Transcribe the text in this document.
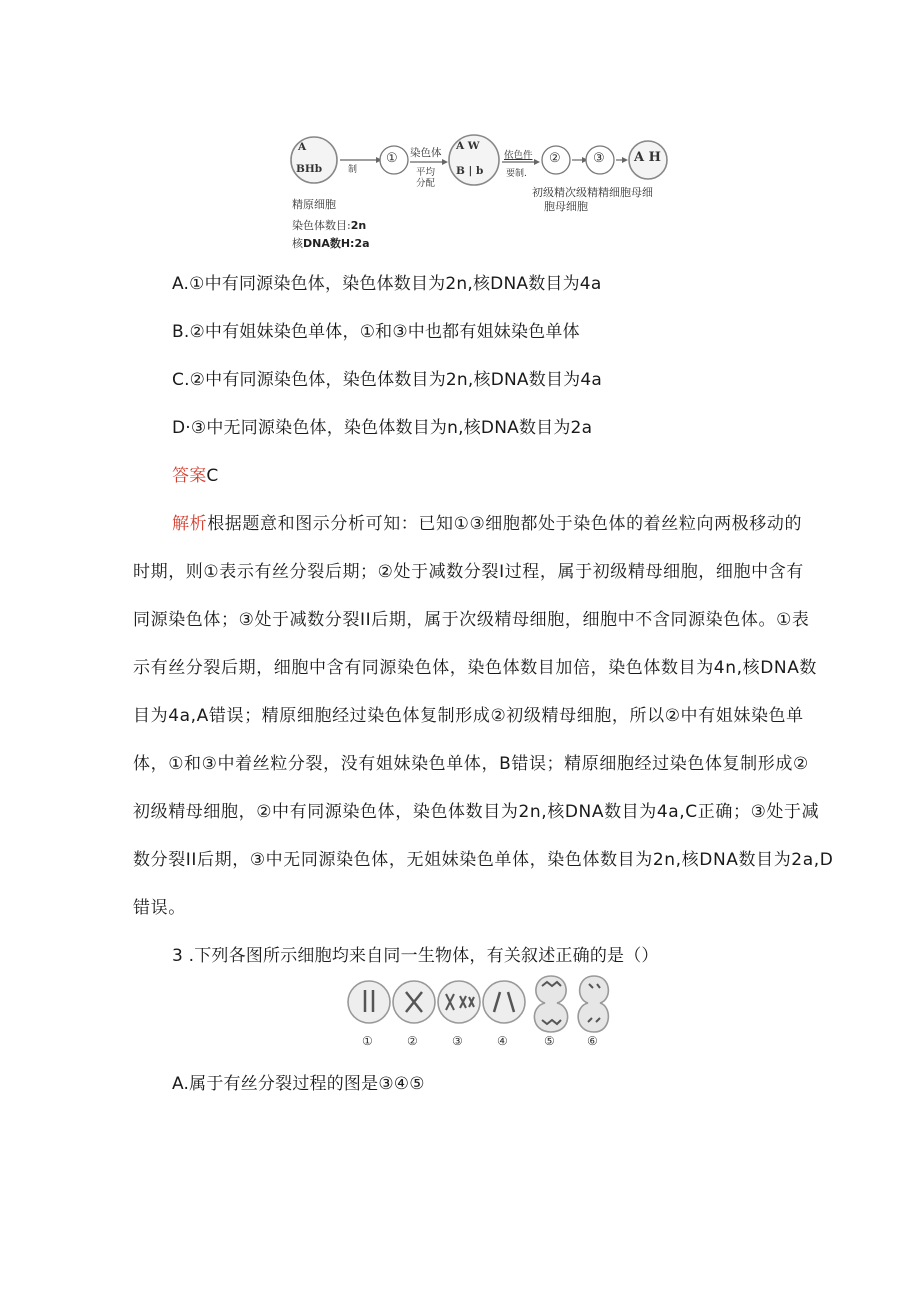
A
BHb	制
① 染色体
平均
分配
A W
B | b
依色件
要制.
② ③ A H
精原细胞
染色体数目:2n
核DNA数H:2a
初级精次级精精细胞母细
胞母细胞
A.①中有同源染色体，染色体数目为2n,核DNA数目为4a
B.②中有姐妹染色单体，①和③中也都有姐妹染色单体
C.②中有同源染色体，染色体数目为2n,核DNA数目为4a
D·③中无同源染色体，染色体数目为n,核DNA数目为2a
答案C
解析根据题意和图示分析可知：已知①③细胞都处于染色体的着丝粒向两极移动的
时期，则①表示有丝分裂后期；②处于减数分裂I过程，属于初级精母细胞，细胞中含有
同源染色体；③处于减数分裂II后期，属于次级精母细胞，细胞中不含同源染色体。①表
示有丝分裂后期，细胞中含有同源染色体，染色体数目加倍，染色体数目为4n,核DNA数
目为4a,A错误；精原细胞经过染色体复制形成②初级精母细胞，所以②中有姐妹染色单
体，①和③中着丝粒分裂，没有姐妹染色单体，B错误；精原细胞经过染色体复制形成②
初级精母细胞，②中有同源染色体，染色体数目为2n,核DNA数目为4a,C正确；③处于减
数分裂II后期，③中无同源染色体，无姐妹染色单体，染色体数目为2n,核DNA数目为2a,D
错误。
3 .下列各图所示细胞均来自同一生物体，有关叙述正确的是（）
①	②	③	④	⑤	⑥
A.属于有丝分裂过程的图是③④⑤
